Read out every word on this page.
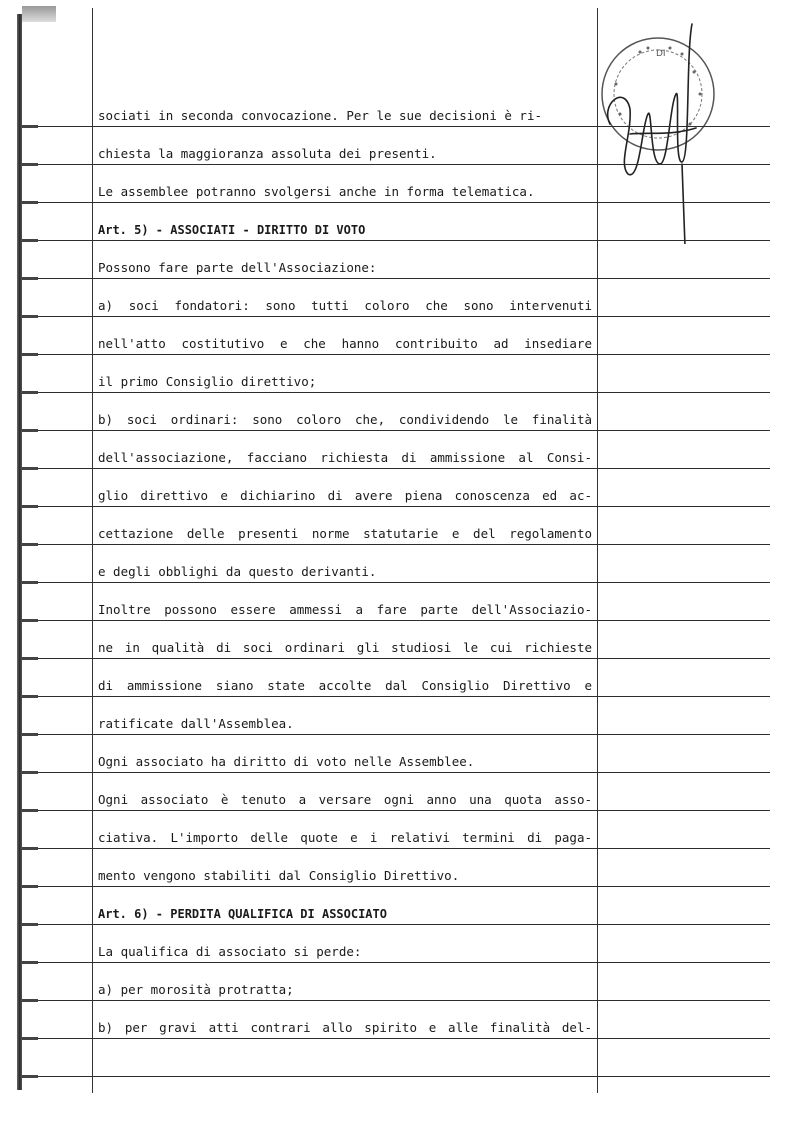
sociati in seconda convocazione. Per le sue decisioni è ri-
chiesta la maggioranza assoluta dei presenti.
Le assemblee potranno svolgersi anche in forma telematica.
Art. 5) - ASSOCIATI - DIRITTO DI VOTO
Possono fare parte dell'Associazione:
a) soci fondatori: sono tutti coloro che sono intervenuti
nell'atto costitutivo e che hanno contribuito ad insediare
il primo Consiglio direttivo;
b) soci ordinari: sono coloro che, condividendo le finalità
dell'associazione, facciano richiesta di ammissione al Consi-
glio direttivo e dichiarino di avere piena conoscenza ed ac-
cettazione delle presenti norme statutarie e del regolamento
e degli obblighi da questo derivanti.
Inoltre possono essere ammessi a fare parte dell'Associazio-
ne in qualità di soci ordinari gli studiosi le cui richieste
di ammissione siano state accolte dal Consiglio Direttivo e
ratificate dall'Assemblea.
Ogni associato ha diritto di voto nelle Assemblee.
Ogni associato è tenuto a versare ogni anno una quota asso-
ciativa. L'importo delle quote e i relativi termini di paga-
mento vengono stabiliti dal Consiglio Direttivo.
Art. 6) - PERDITA QUALIFICA DI ASSOCIATO
La qualifica di associato si perde:
a) per morosità protratta;
b) per gravi atti contrari allo spirito e alle finalità del-
DI
